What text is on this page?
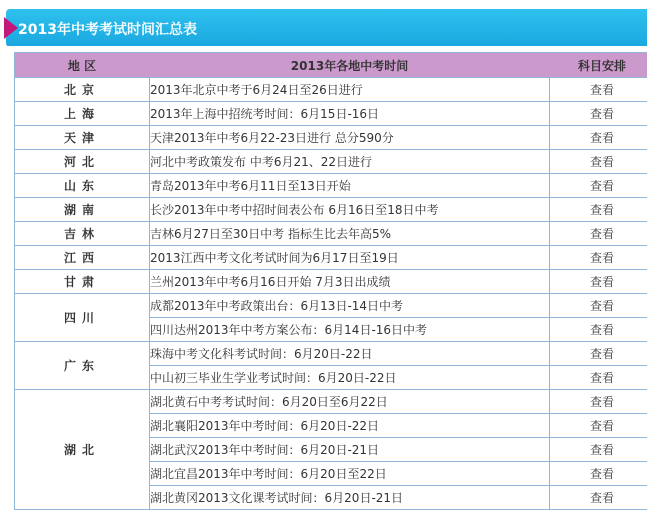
2013年中考考试时间汇总表
地 区	2013年各地中考时间	科目安排
北京	2013年北京中考于6月24日至26日进行	查看
上海	2013年上海中招统考时间：6月15日-16日	查看
天津	天津2013年中考6月22-23日进行 总分590分	查看
河北	河北中考政策发布 中考6月21、22日进行	查看
山东	青岛2013年中考6月11日至13日开始	查看
湖南	长沙2013年中考中招时间表公布 6月16日至18日中考	查看
吉林	吉林6月27日至30日中考 指标生比去年高5%	查看
江西	2013江西中考文化考试时间为6月17日至19日	查看
甘肃	兰州2013年中考6月16日开始 7月3日出成绩	查看
四川	成都2013年中考政策出台：6月13日-14日中考	查看
	四川达州2013年中考方案公布：6月14日-16日中考	查看
广东	珠海中考文化科考试时间：6月20日-22日	查看
	中山初三毕业生学业考试时间：6月20日-22日	查看
湖北	湖北黄石中考考试时间：6月20日至6月22日	查看
	湖北襄阳2013年中考时间：6月20日-22日	查看
	湖北武汉2013年中考时间：6月20日-21日	查看
	湖北宜昌2013年中考时间：6月20日至22日	查看
	湖北黄冈2013文化课考试时间：6月20日-21日	查看
